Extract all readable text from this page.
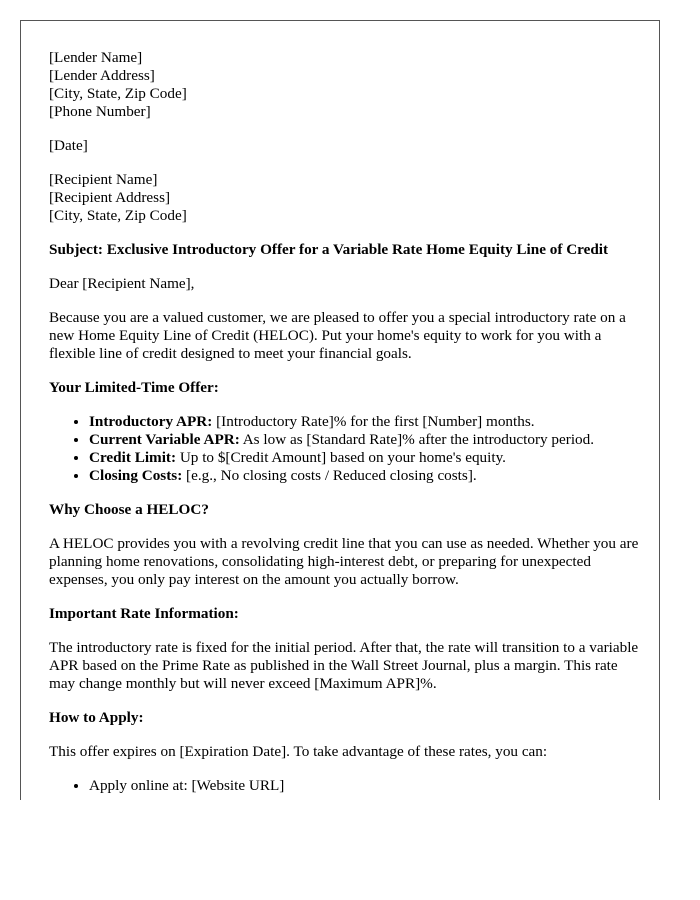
[Lender Name]
[Lender Address]
[City, State, Zip Code]
[Phone Number]
[Date]
[Recipient Name]
[Recipient Address]
[City, State, Zip Code]

Subject: Exclusive Introductory Offer for a Variable Rate Home Equity Line of Credit

Dear [Recipient Name],

Because you are a valued customer, we are pleased to offer you a special introductory rate on a new Home Equity Line of Credit (HELOC). Put your home's equity to work for you with a flexible line of credit designed to meet your financial goals.

Your Limited-Time Offer:

• Introductory APR: [Introductory Rate]% for the first [Number] months.
• Current Variable APR: As low as [Standard Rate]% after the introductory period.
• Credit Limit: Up to $[Credit Amount] based on your home's equity.
• Closing Costs: [e.g., No closing costs / Reduced closing costs].

Why Choose a HELOC?

A HELOC provides you with a revolving credit line that you can use as needed. Whether you are planning home renovations, consolidating high-interest debt, or preparing for unexpected expenses, you only pay interest on the amount you actually borrow.

Important Rate Information:

The introductory rate is fixed for the initial period. After that, the rate will transition to a variable APR based on the Prime Rate as published in the Wall Street Journal, plus a margin. This rate may change monthly but will never exceed [Maximum APR]%.

How to Apply:

This offer expires on [Expiration Date]. To take advantage of these rates, you can:

• Apply online at: [Website URL]
